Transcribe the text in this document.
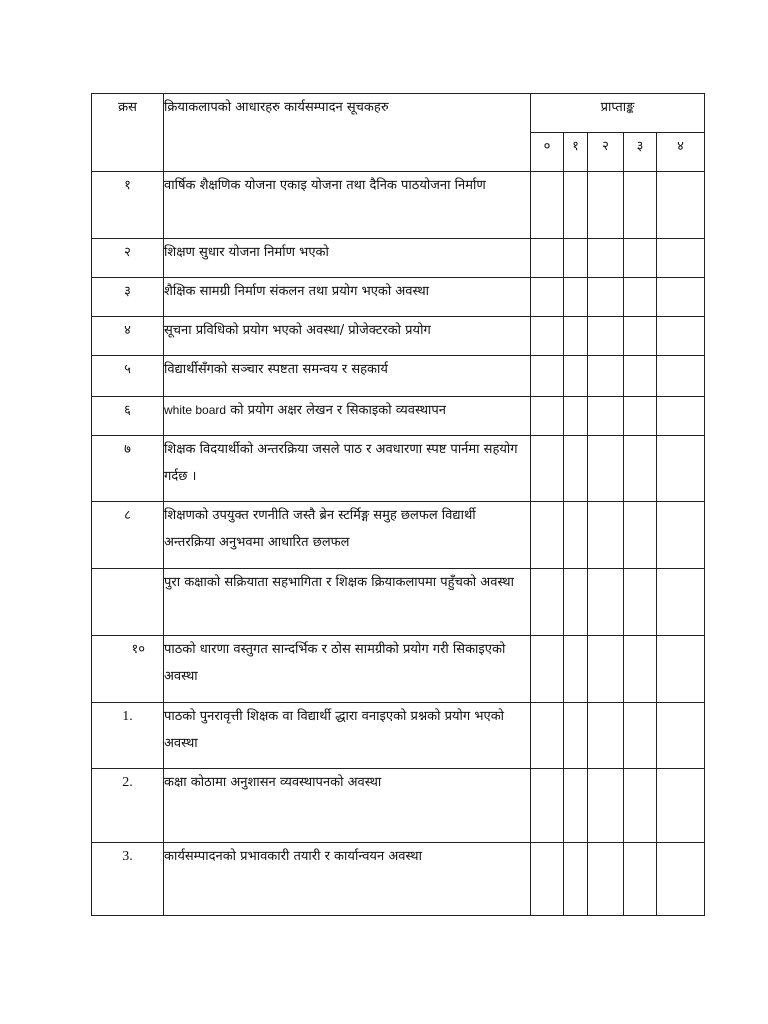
क्रस	क्रियाकलापको आधारहरु कार्यसम्पादन सूचकहरु	प्राप्ताङ्क				
		०	१	२	३	४
१	वार्षिक शैक्षणिक योजना एकाइ योजना तथा दैनिक पाठयोजना निर्माण					
२	शिक्षण सुधार योजना निर्माण भएको					
३	शैक्षिक सामग्री निर्माण संकलन तथा प्रयोग भएको अवस्था					
४	सूचना प्रविधिको प्रयोग भएको अवस्था/ प्रोजेक्टरको प्रयोग					
५	विद्यार्थीसँगको सञ्चार स्पष्टता समन्वय र सहकार्य					
६	white board को प्रयोग अक्षर लेखन र सिकाइको व्यवस्थापन					
७	शिक्षक विदयार्थीको अन्तरक्रिया जसले पाठ र अवधारणा स्पष्ट पार्नमा सहयोग गर्दछ ।					
८	शिक्षणको उपयुक्त रणनीति जस्तै ब्रेन स्टर्मिङ्ग समुह छलफल विद्यार्थी अन्तरक्रिया अनुभवमा आधारित छलफल					
	पुरा कक्षाको सक्रियाता सहभागिता र शिक्षक क्रियाकलापमा पहुँचको अवस्था					
१०	पाठको धारणा वस्तुगत सान्दर्भिक र ठोस सामग्रीको प्रयोग गरी सिकाइएको अवस्था					
1.	पाठको पुनरावृत्ती शिक्षक वा विद्यार्थी द्धारा वनाइएको प्रश्नको प्रयोग भएको अवस्था					
2.	कक्षा कोठामा अनुशासन व्यवस्थापनको अवस्था					
3.	कार्यसम्पादनको प्रभावकारी तयारी र कार्यान्वयन अवस्था					
